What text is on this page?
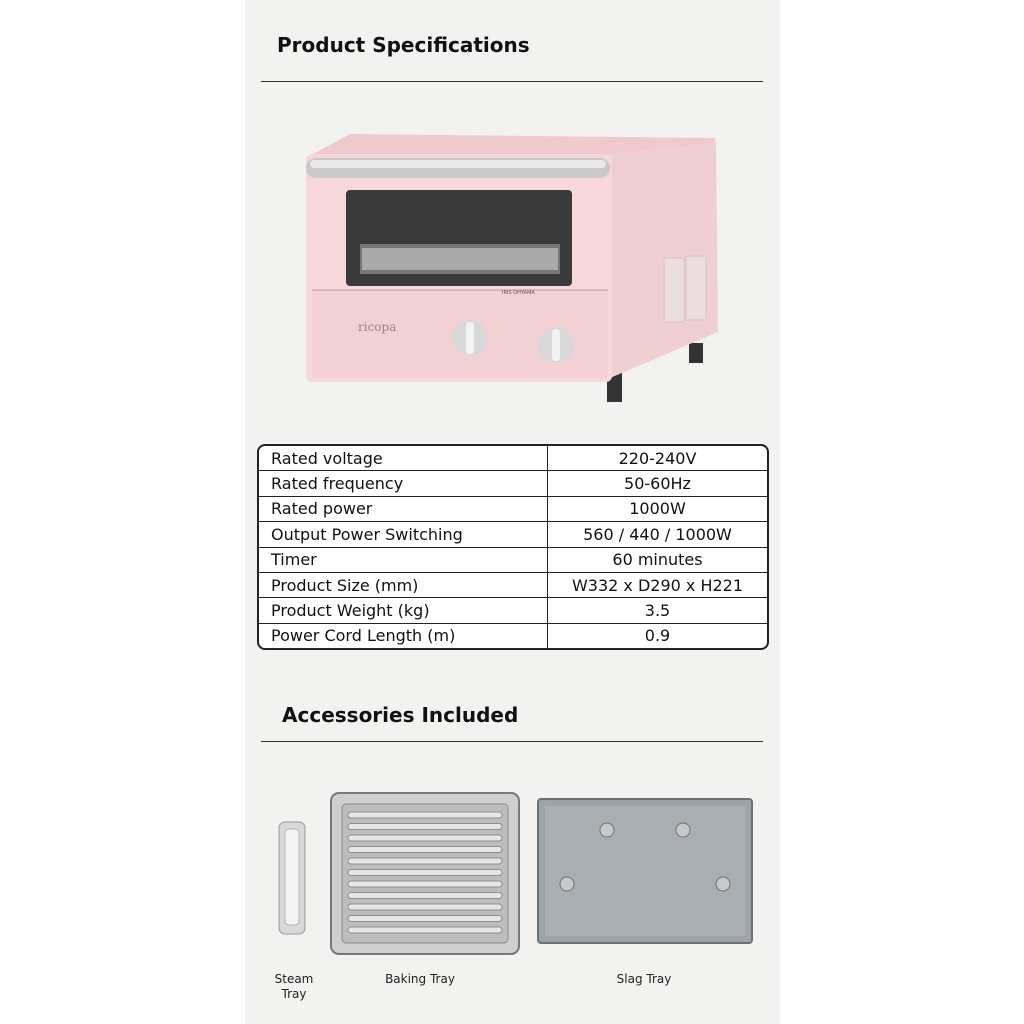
Product Specifications
ricopa
IRIS OHYAMA
Rated voltage	220-240V
Rated frequency	50-60Hz
Rated power	1000W
Output Power Switching	560 / 440 / 1000W
Timer	60 minutes
Product Size (mm)	W332 x D290 x H221
Product Weight (kg)	3.5
Power Cord Length (m)	0.9
Accessories Included
Steam
Tray
Baking Tray	Slag Tray
